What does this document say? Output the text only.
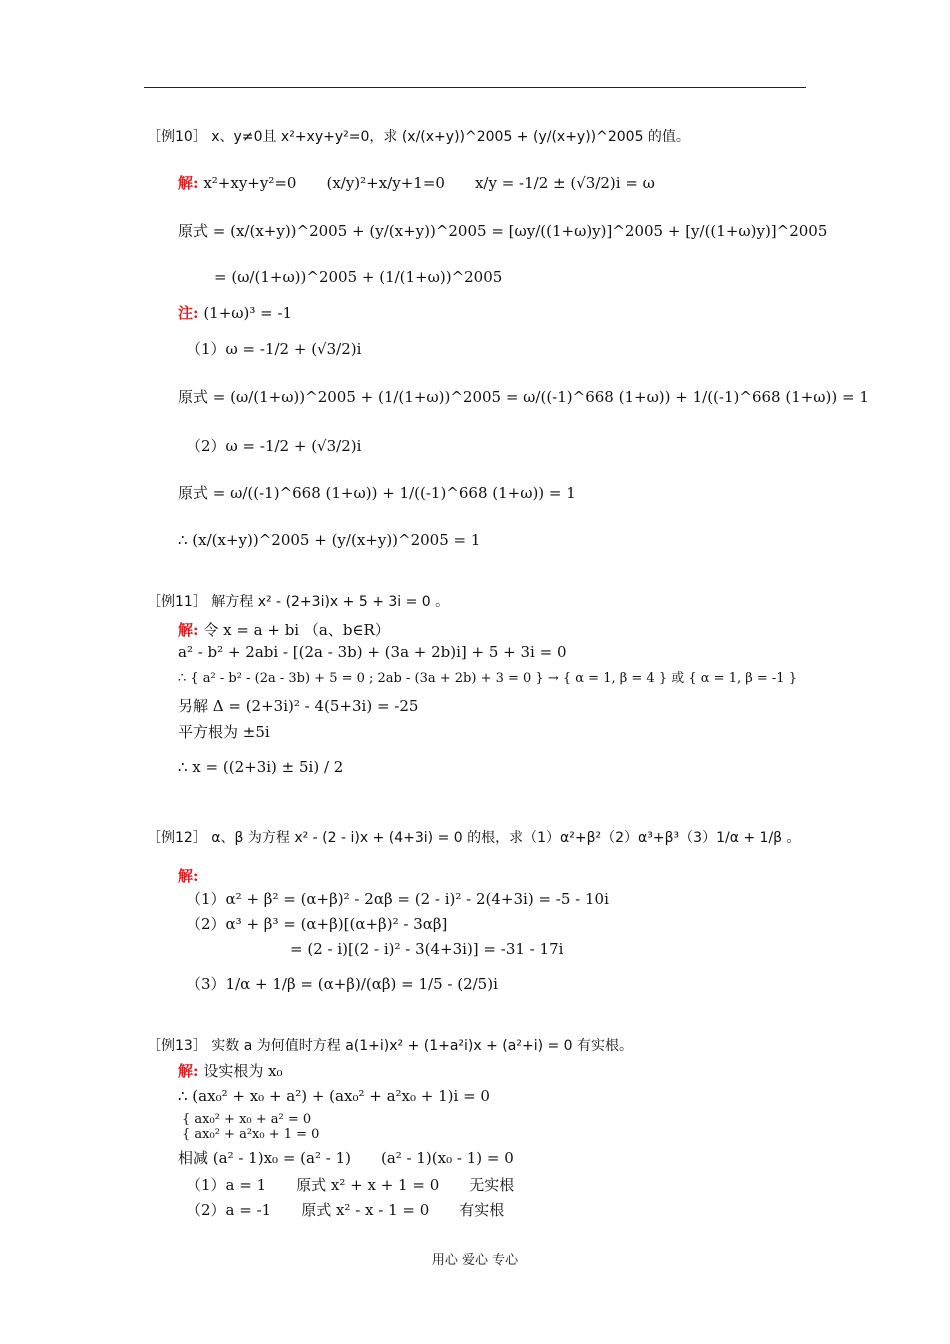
［例10］ x、y≠0且 x²+xy+y²=0，求 (x/(x+y))^2005 + (y/(x+y))^2005 的值。
解: x²+xy+y²=0　　(x/y)²+x/y+1=0　　x/y = -1/2 ± (√3/2)i = ω
原式 = (x/(x+y))^2005 + (y/(x+y))^2005 = [ωy/((1+ω)y)]^2005 + [y/((1+ω)y)]^2005
= (ω/(1+ω))^2005 + (1/(1+ω))^2005
注: (1+ω)³ = -1
（1）ω = -1/2 + (√3/2)i
原式 = (ω/(1+ω))^2005 + (1/(1+ω))^2005 = ω/((-1)^668 (1+ω)) + 1/((-1)^668 (1+ω)) = 1
（2）ω = -1/2 + (√3/2)i
原式 = ω/((-1)^668 (1+ω)) + 1/((-1)^668 (1+ω)) = 1
∴ (x/(x+y))^2005 + (y/(x+y))^2005 = 1
［例11］ 解方程 x² - (2+3i)x + 5 + 3i = 0 。
解: 令 x = a + bi （a、b∈R）
a² - b² + 2abi - [(2a - 3b) + (3a + 2b)i] + 5 + 3i = 0
∴ { a² - b² - (2a - 3b) + 5 = 0 ; 2ab - (3a + 2b) + 3 = 0 } → { α = 1, β = 4 } 或 { α = 1, β = -1 }
另解 Δ = (2+3i)² - 4(5+3i) = -25
平方根为 ±5i
∴ x = ((2+3i) ± 5i) / 2
［例12］ α、β 为方程 x² - (2 - i)x + (4+3i) = 0 的根，求（1）α²+β²（2）α³+β³（3）1/α + 1/β 。
解:
（1）α² + β² = (α+β)² - 2αβ = (2 - i)² - 2(4+3i) = -5 - 10i
（2）α³ + β³ = (α+β)[(α+β)² - 3αβ]
= (2 - i)[(2 - i)² - 3(4+3i)] = -31 - 17i
（3）1/α + 1/β = (α+β)/(αβ) = 1/5 - (2/5)i
［例13］ 实数 a 为何值时方程 a(1+i)x² + (1+a²i)x + (a²+i) = 0 有实根。
解: 设实根为 x₀
∴ (ax₀² + x₀ + a²) + (ax₀² + a²x₀ + 1)i = 0
{ ax₀² + x₀ + a² = 0
{ ax₀² + a²x₀ + 1 = 0
相减 (a² - 1)x₀ = (a² - 1)　　(a² - 1)(x₀ - 1) = 0
（1）a = 1　　原式 x² + x + 1 = 0　　无实根
（2）a = -1　　原式 x² - x - 1 = 0　　有实根
用心 爱心 专心
